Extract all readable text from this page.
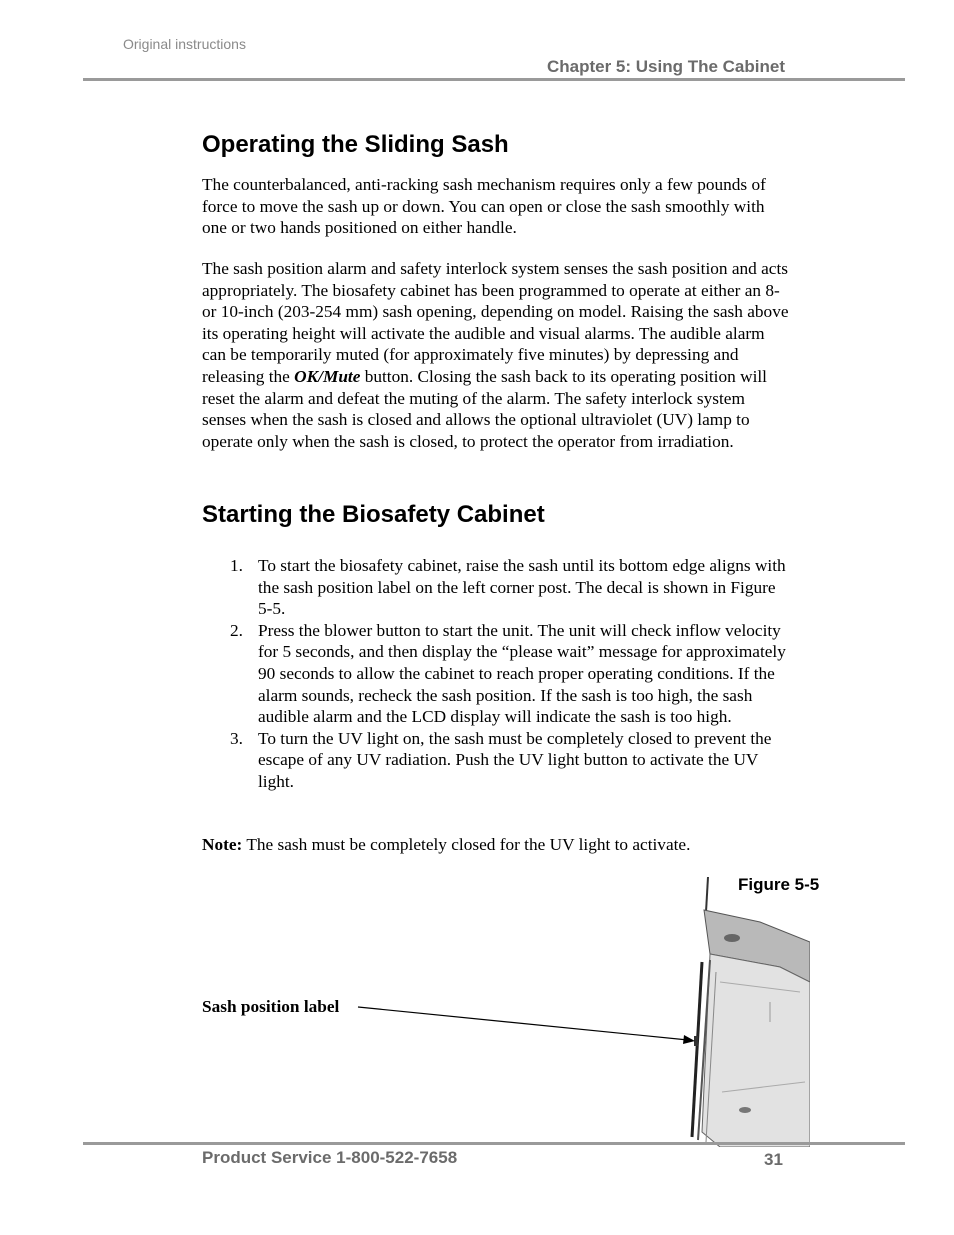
Original instructions
Chapter 5: Using The Cabinet
Operating the Sliding Sash

The counterbalanced, anti-racking sash mechanism requires only a few pounds of force to move the sash up or down. You can open or close the sash smoothly with one or two hands positioned on either handle.

The sash position alarm and safety interlock system senses the sash position and acts appropriately. The biosafety cabinet has been programmed to operate at either an 8- or 10-inch (203-254 mm) sash opening, depending on model. Raising the sash above its operating height will activate the audible and visual alarms. The audible alarm can be temporarily muted (for approximately five minutes) by depressing and releasing the OK/Mute button. Closing the sash back to its operating position will reset the alarm and defeat the muting of the alarm. The safety interlock system senses when the sash is closed and allows the optional ultraviolet (UV) lamp to operate only when the sash is closed, to protect the operator from irradiation.

Starting the Biosafety Cabinet
1. To start the biosafety cabinet, raise the sash until its bottom edge aligns with the sash position label on the left corner post. The decal is shown in Figure 5-5.
2. Press the blower button to start the unit. The unit will check inflow velocity for 5 seconds, and then display the “please wait” message for approximately 90 seconds to allow the cabinet to reach proper operating conditions. If the alarm sounds, recheck the sash position. If the sash is too high, the sash audible alarm and the LCD display will indicate the sash is too high.
3. To turn the UV light on, the sash must be completely closed to prevent the escape of any UV radiation. Push the UV light button to activate the UV light.
Note: The sash must be completely closed for the UV light to activate.
Figure 5-5
Sash position label
Product Service 1-800-522-7658	31
